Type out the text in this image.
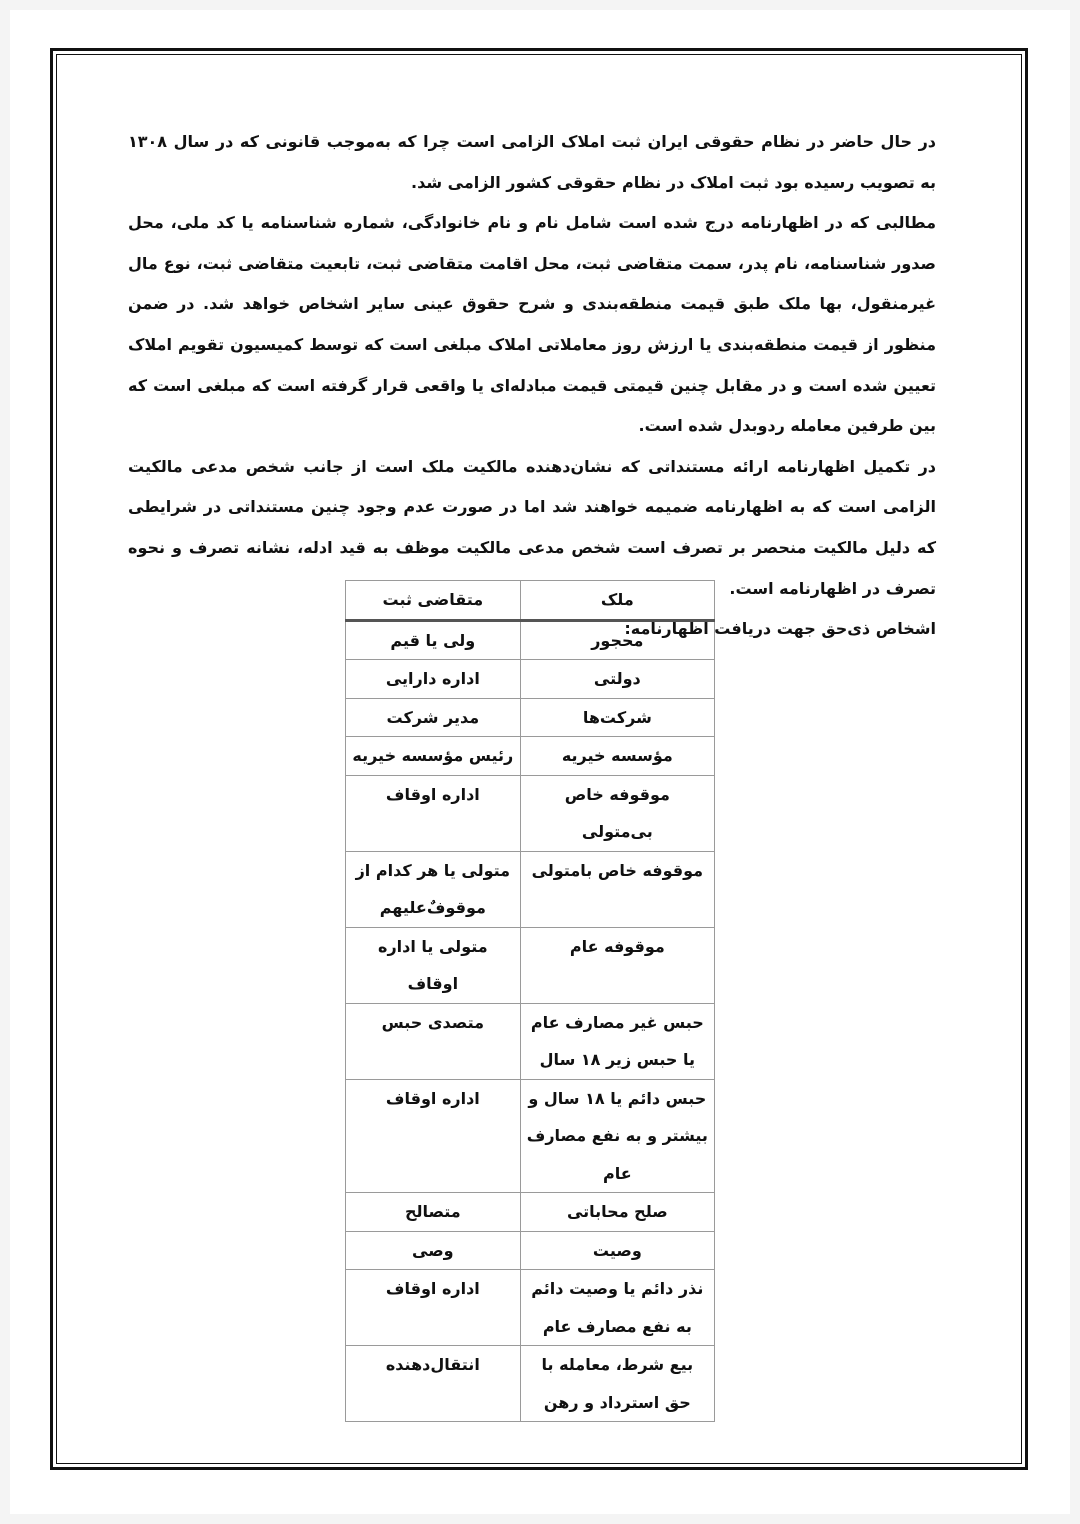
در حال حاضر در نظام حقوقی ایران ثبت املاک الزامی است چرا که به‌موجب قانونی که در سال ۱۳۰۸ به تصویب رسیده بود ثبت املاک در نظام حقوقی کشور الزامی شد.

مطالبی که در اظهارنامه درج شده است شامل نام و نام خانوادگی، شماره شناسنامه یا کد ملی، محل صدور شناسنامه، نام پدر، سمت متقاضی ثبت، محل اقامت متقاضی ثبت، تابعیت متقاضی ثبت، نوع مال غیرمنقول، بها ملک طبق قیمت منطقه‌بندی و شرح حقوق عینی سایر اشخاص خواهد شد. در ضمن منظور از قیمت منطقه‌بندی یا ارزش روز معاملاتی املاک مبلغی است که توسط کمیسیون تقویم املاک تعیین شده است و در مقابل چنین قیمتی قیمت مبادله‌ای یا واقعی قرار گرفته است که مبلغی است که بین طرفین معامله ردوبدل شده است.

در تکمیل اظهارنامه ارائه مستنداتی که نشان‌دهنده مالکیت ملک است از جانب شخص مدعی مالکیت الزامی است که به اظهارنامه ضمیمه خواهند شد اما در صورت عدم وجود چنین مستنداتی در شرایطی که دلیل مالکیت منحصر بر تصرف است شخص مدعی مالکیت موظف به قید ادله، نشانه تصرف و نحوه تصرف در اظهارنامه است.

اشخاص ذی‌حق جهت دریافت اظهارنامه:

ملک	متقاضی ثبت
محجور	ولی یا قیم
دولتی	اداره دارایی
شرکت‌ها	مدیر شرکت
مؤسسه خیریه	رئیس مؤسسه خیریه
موقوفه خاص بی‌متولی	اداره اوقاف
موقوفه خاص بامتولی	متولی یا هر کدام از موقوفٌ‌علیهم
موقوفه عام	متولی یا اداره اوقاف
حبس غیر مصارف عام یا حبس زیر ۱۸ سال	متصدی حبس
حبس دائم یا ۱۸ سال و بیشتر و به نفع مصارف عام	اداره اوقاف
صلح محاباتی	متصالح
وصیت	وصی
نذر دائم یا وصیت دائم به نفع مصارف عام	اداره اوقاف
بیع شرط، معامله با حق استرداد و رهن	انتقال‌دهنده
